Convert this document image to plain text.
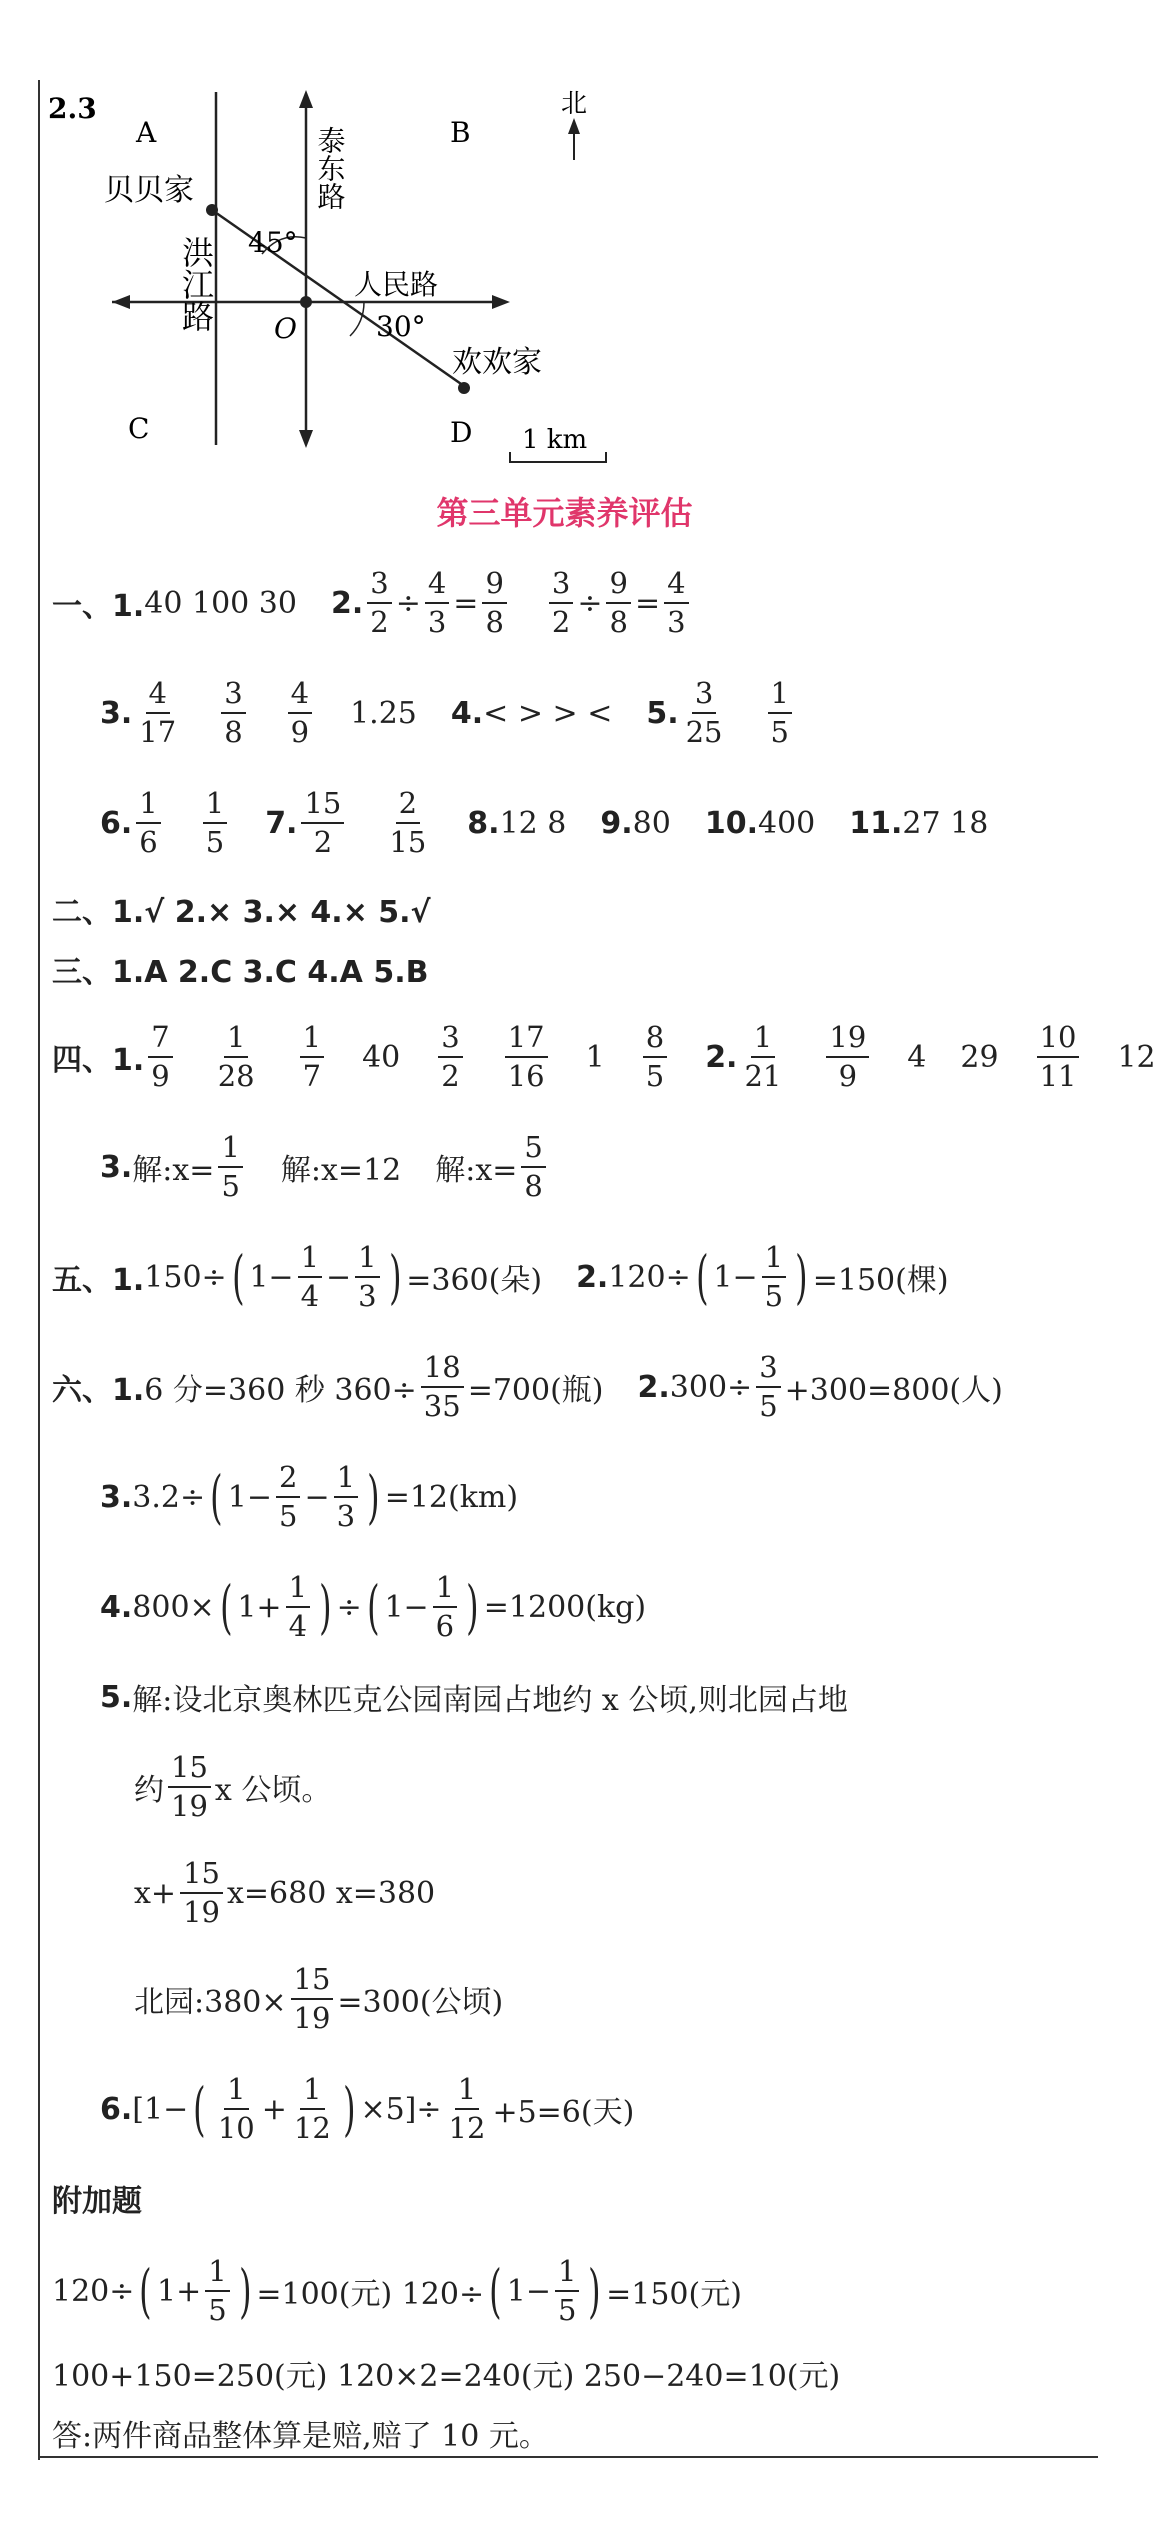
2.3
A	B
C	D
北
45°
30°
O
贝贝家
欢欢家
人民路
泰东路
洪江路
1 km
第三单元素养评估
一、1. 40 100 30 2. $\frac{3}{2} \div \frac{4}{3} = \frac{9}{8} \frac{3}{2} \div \frac{9}{8} = \frac{4}{3}$
3. $\frac{4}{17} \frac{3}{8} \frac{4}{9} 1.25$ 4. < > > < 5. $\frac{3}{25} \frac{1}{5}$
6. $\frac{1}{6} \frac{1}{5} 7$. $\frac{15}{2} \frac{2}{15} 8$. 12 8 9. 80 10. 400 11. 27 18
二、1.√ 2.× 3.× 4.× 5.√
三、1.A 2.C 3.C 4.A 5.B
四、1. $\frac{7}{9} \frac{1}{28} \frac{1}{7} 40 \frac{3}{2} \frac{17}{16} 1 \frac{8}{5} 2$. $\frac{1}{21} \frac{19}{9} 4$ $29 \frac{10}{11} 12$
3. 解:x= $\frac{1}{5}$ 解:x=12 解:x= $\frac{5}{8}$
五、1. 150÷ ( $1- \frac{1}{4} - \frac{1}{3}$ ) =360(朵) 2. 120÷ ( $1- \frac{1}{5}$ ) =150(棵)
六、1. 6 分=360 秒 $360\div \frac{18}{35} =700$(瓶) 2. $300\div \frac{3}{5} +300=800$(人)
3. 3.2÷ ( $1- \frac{2}{5} - \frac{1}{3}$ ) =12(km)
4. 800× ( $1+ \frac{1}{4}$ ) ÷ ( $1- \frac{1}{6}$ ) =1200(kg)
5. 解:设北京奥林匹克公园南园占地约 x 公顷,则北园占地
约 $\frac{15}{19}$ x 公顷。
$x+ \frac{15}{19} x=680$ x=380
北园:380× $\frac{15}{19} =300$(公顷)
6. [1− ( $\frac{1}{10} + \frac{1}{12}$ ) $\times 5]\div \frac{1}{12} +5=6$(天)
附加题
120÷ ( $1+ \frac{1}{5}$ ) =100(元) 120÷ ( $1- \frac{1}{5}$ ) =150(元)
100+150=250(元) 120×2=240(元) 250−240=10(元)
答:两件商品整体算是赔,赔了 10 元。
